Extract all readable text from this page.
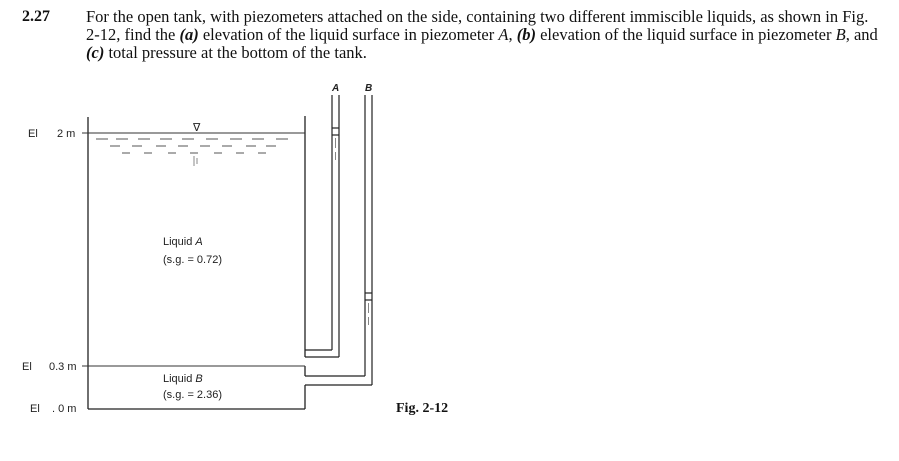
2.27 For the open tank, with piezometers attached on the side, containing two different immiscible liquids, as shown in Fig. 2-12, find the (a) elevation of the liquid surface in piezometer A, (b) elevation of the liquid surface in piezometer B, and (c) total pressure at the bottom of the tank.
∇
A	B
El 2 m
El 0.3 m
El . 0 m
Liquid A
(s.g. = 0.72)
Liquid B
(s.g. = 2.36)
Fig. 2-12
